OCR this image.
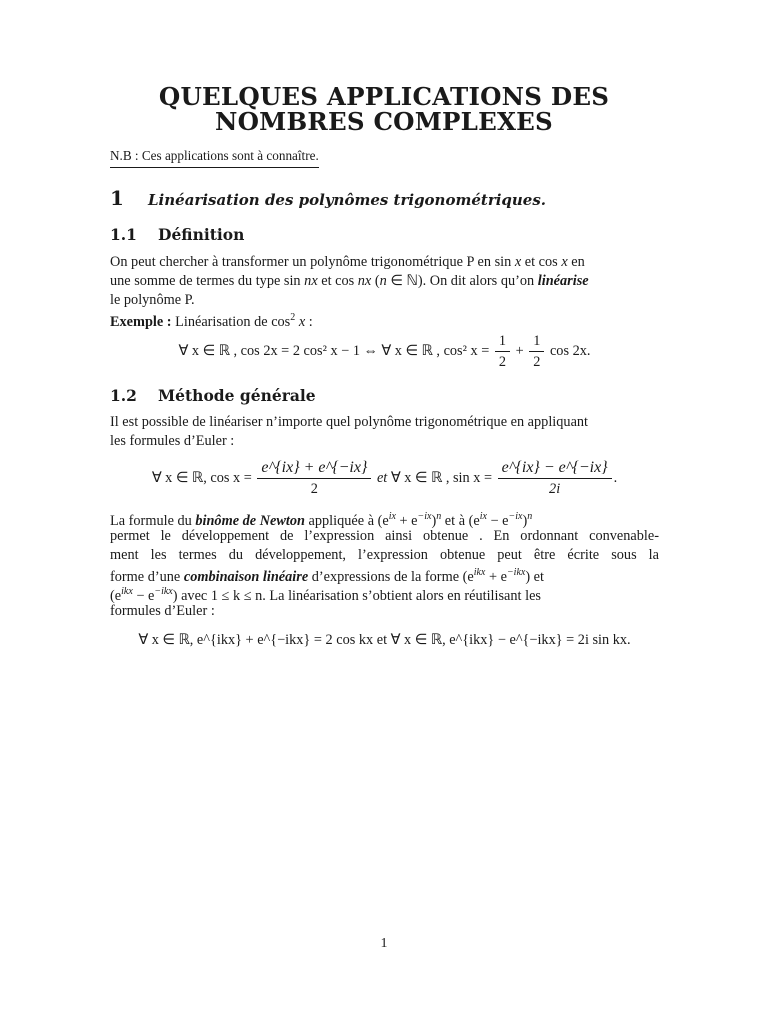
QUELQUES APPLICATIONS DES
NOMBRES COMPLEXES
N.B : Ces applications sont à connaître.
1 Linéarisation des polynômes trigonométriques.
1.1 Définition
On peut chercher à transformer un polynôme trigonométrique P en sin x et cos x en
une somme de termes du type sin nx et cos nx (n ∈ ℕ). On dit alors qu’on linéarise
le polynôme P.
Exemple : Linéarisation de $\cos^2 x$ :
∀ x ∈ ℝ , cos 2x = 2 cos² x − 1 ⇔ ∀ x ∈ ℝ , cos² $x = \frac{1}{2} + \frac{1}{2}$ cos 2x.
1.2 Méthode générale
Il est possible de linéariser n’importe quel polynôme trigonométrique en appliquant
les formules d’Euler :
∀ x ∈ ℝ, $\cos x = \frac{e\^{}\{ix\} + e\^{}\{-ix\}}{2}$ et ∀ x ∈ ℝ , $\sin x = \frac{e\^{}\{ix\} - e\^{}\{-ix\}}{2i}$ .
La formule du binôme de Newton appliquée à $(e^{ix} + e^{-ix})^n$ et à $(e^{ix} - e^{-ix})^n$
permet le développement de l’expression ainsi obtenue . En ordonnant convenable-
ment les termes du développement, l’expression obtenue peut être écrite sous la
forme d’une combinaison linéaire d’expressions de la forme $(e^{ikx} + e^{-ikx})$ et
$(e^{ikx} - e^{-ikx})$ avec 1 ≤ k ≤ n. La linéarisation s’obtient alors en réutilisant les
formules d’Euler :
∀ x ∈ ℝ, e^{ikx} + e^{−ikx} = 2 cos kx et ∀ x ∈ ℝ, e^{ikx} − e^{−ikx} = 2i sin kx.
1
